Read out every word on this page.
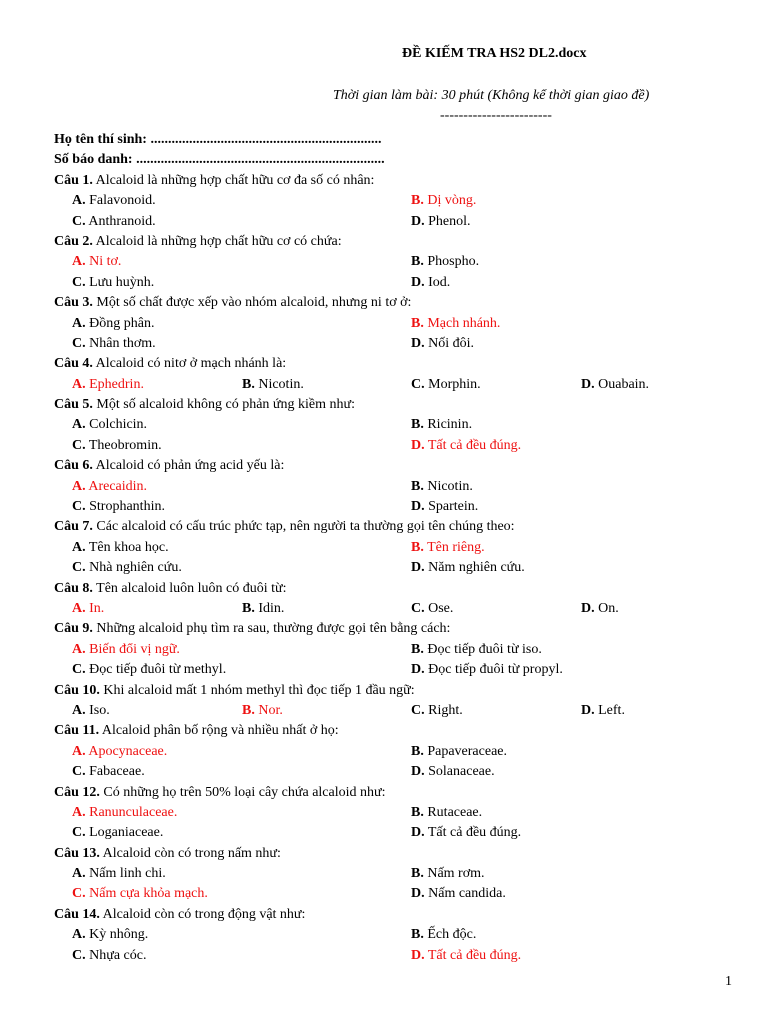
ĐỀ KIẾM TRA HS2 DL2.docx
Thời gian làm bài: 30 phút (Không kể thời gian giao đề)
------------------------
Họ tên thí sinh: ..................................................................
Số báo danh: .......................................................................
Câu 1. Alcaloid là những hợp chất hữu cơ đa số có nhân:
A. Falavonoid.	B. Dị vòng.
C. Anthranoid.	D. Phenol.
Câu 2. Alcaloid là những hợp chất hữu cơ có chứa:
A. Ni tơ.	B. Phospho.
C. Lưu huỳnh.	D. Iod.
Câu 3. Một số chất được xếp vào nhóm alcaloid, nhưng ni tơ ở:
A. Đồng phân.	B. Mạch nhánh.
C. Nhân thơm.	D. Nối đôi.
Câu 4. Alcaloid có nitơ ở mạch nhánh là:
A. Ephedrin.	B. Nicotin.	C. Morphin.	D. Ouabain.
Câu 5. Một số alcaloid không có phản ứng kiềm như:
A. Colchicin.	B. Ricinin.
C. Theobromin.	D. Tất cả đều đúng.
Câu 6. Alcaloid có phản ứng acid yếu là:
A. Arecaidin.	B. Nicotin.
C. Strophanthin.	D. Spartein.
Câu 7. Các alcaloid có cấu trúc phức tạp, nên người ta thường gọi tên chúng theo:
A. Tên khoa học.	B. Tên riêng.
C. Nhà nghiên cứu.	D. Năm nghiên cứu.
Câu 8. Tên alcaloid luôn luôn có đuôi từ:
A. In.	B. Idin.	C. Ose.	D. On.
Câu 9. Những alcaloid phụ tìm ra sau, thường được gọi tên bằng cách:
A. Biến đổi vị ngữ.	B. Đọc tiếp đuôi từ iso.
C. Đọc tiếp đuôi từ methyl.	D. Đọc tiếp đuôi từ propyl.
Câu 10. Khi alcaloid mất 1 nhóm methyl thì đọc tiếp 1 đầu ngữ:
A. Iso.	B. Nor.	C. Right.	D. Left.
Câu 11. Alcaloid phân bố rộng và nhiều nhất ở họ:
A. Apocynaceae.	B. Papaveraceae.
C. Fabaceae.	D. Solanaceae.
Câu 12. Có những họ trên 50% loại cây chứa alcaloid như:
A. Ranunculaceae.	B. Rutaceae.
C. Loganiaceae.	D. Tất cả đều đúng.
Câu 13. Alcaloid còn có trong nấm như:
A. Nấm linh chi.	B. Nấm rơm.
C. Nấm cựa khỏa mạch.	D. Nấm candida.
Câu 14. Alcaloid còn có trong động vật như:
A. Kỳ nhông.	B. Ếch độc.
C. Nhựa cóc.	D. Tất cả đều đúng.
1
